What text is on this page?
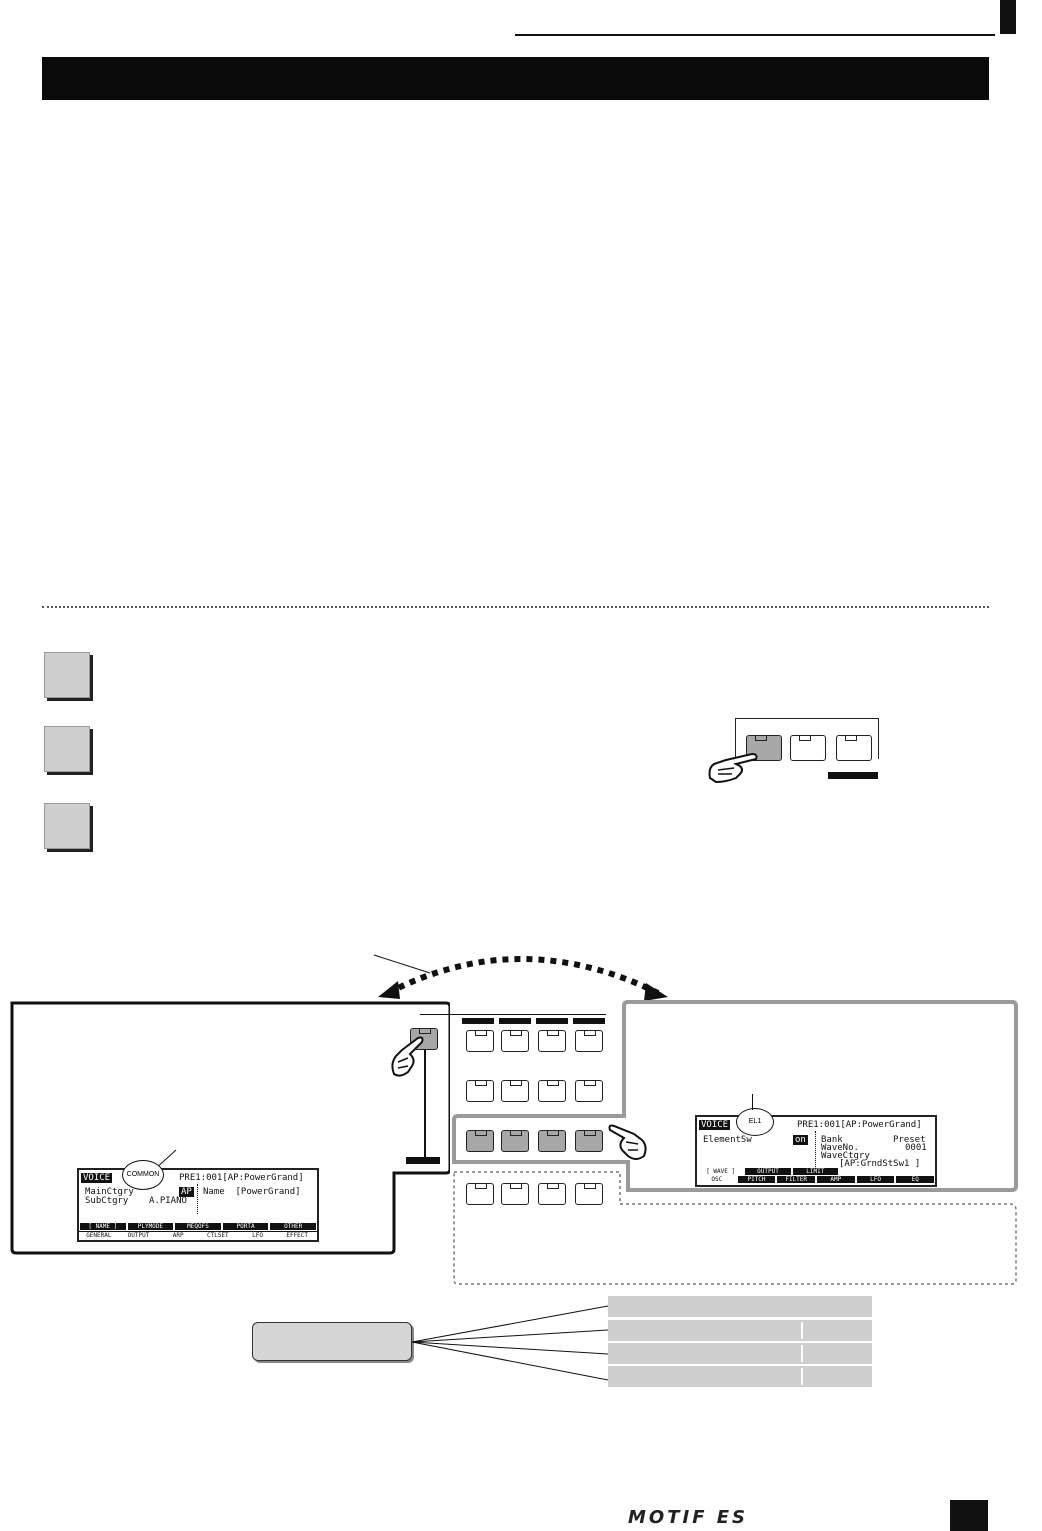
VOICE	PRE1:001[AP:PowerGrand]
MainCtgry	AP Name  [PowerGrand]
SubCtgry A.PIANO
[ NAME ]	PLYMODE	MEQOFS	PORTA	OTHER
GENERAL	OUTPUT	ARP	CTLSET	LFO	EFFECT
COMMON
VOICE	PRE1:001[AP:PowerGrand]
ElementSw	on Bank	Preset
WaveNo.	0001
WaveCtgry
[AP:GrndStSw1 ]
[ WAVE ]	OUTPUT	LIMIT
OSC	PITCH	FILTER	AMP	LFO	EQ
EL1
MOTIF ES
